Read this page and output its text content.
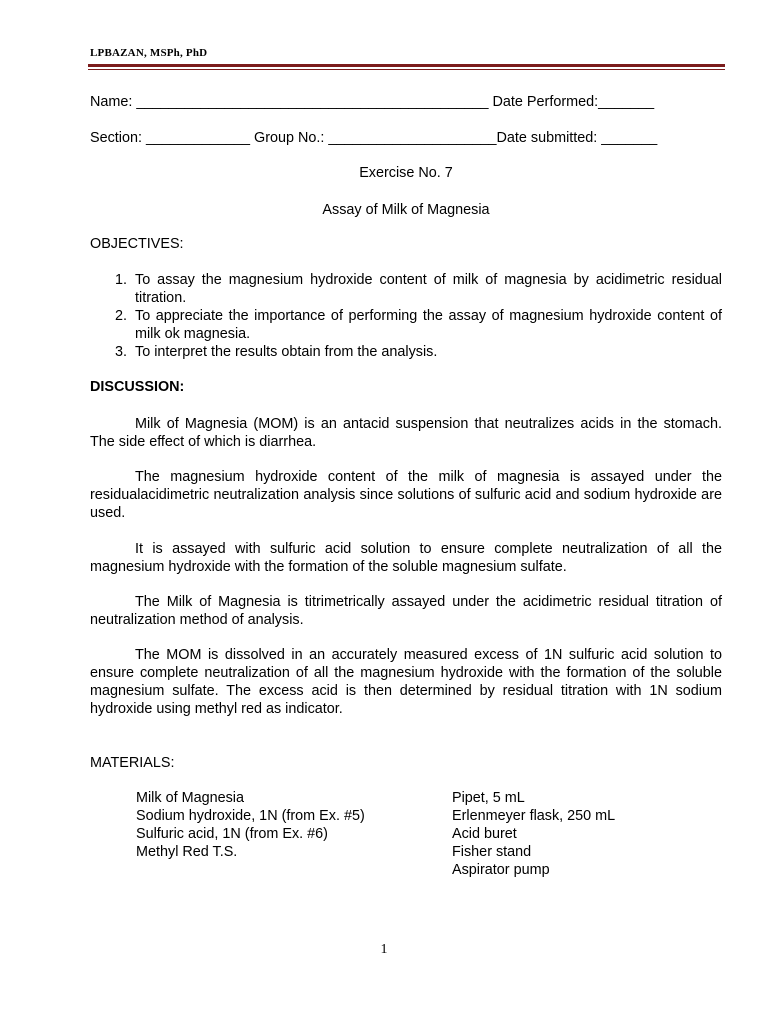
LPBAZAN, MSPh, PhD
Name: ____________________________________________ Date Performed:_______
Section: _____________ Group No.: _____________________Date submitted: _______
Exercise No. 7
Assay of Milk of Magnesia
OBJECTIVES:
1. To assay the magnesium hydroxide content of milk of magnesia by acidimetric residual titration.
2. To appreciate the importance of performing the assay of magnesium hydroxide content of milk ok magnesia.
3. To interpret the results obtain from the analysis.
DISCUSSION:
Milk of Magnesia (MOM) is an antacid suspension that neutralizes acids in the stomach. The side effect of which is diarrhea.
The magnesium hydroxide content of the milk of magnesia is assayed under the residualacidimetric neutralization analysis since solutions of sulfuric acid and sodium hydroxide are used.
It is assayed with sulfuric acid solution to ensure complete neutralization of all the magnesium hydroxide with the formation of the soluble magnesium sulfate.
The Milk of Magnesia is titrimetrically assayed under the acidimetric residual titration of neutralization method of analysis.
The MOM is dissolved in an accurately measured excess of 1N sulfuric acid solution to ensure complete neutralization of all the magnesium hydroxide with the formation of the soluble magnesium sulfate. The excess acid is then determined by residual titration with 1N sodium hydroxide using methyl red as indicator.
MATERIALS:
Milk of Magnesia
Sodium hydroxide, 1N (from Ex. #5)
Sulfuric acid, 1N (from Ex. #6)
Methyl Red T.S.
Pipet, 5 mL
Erlenmeyer flask, 250 mL
Acid buret
Fisher stand
Aspirator pump
1
